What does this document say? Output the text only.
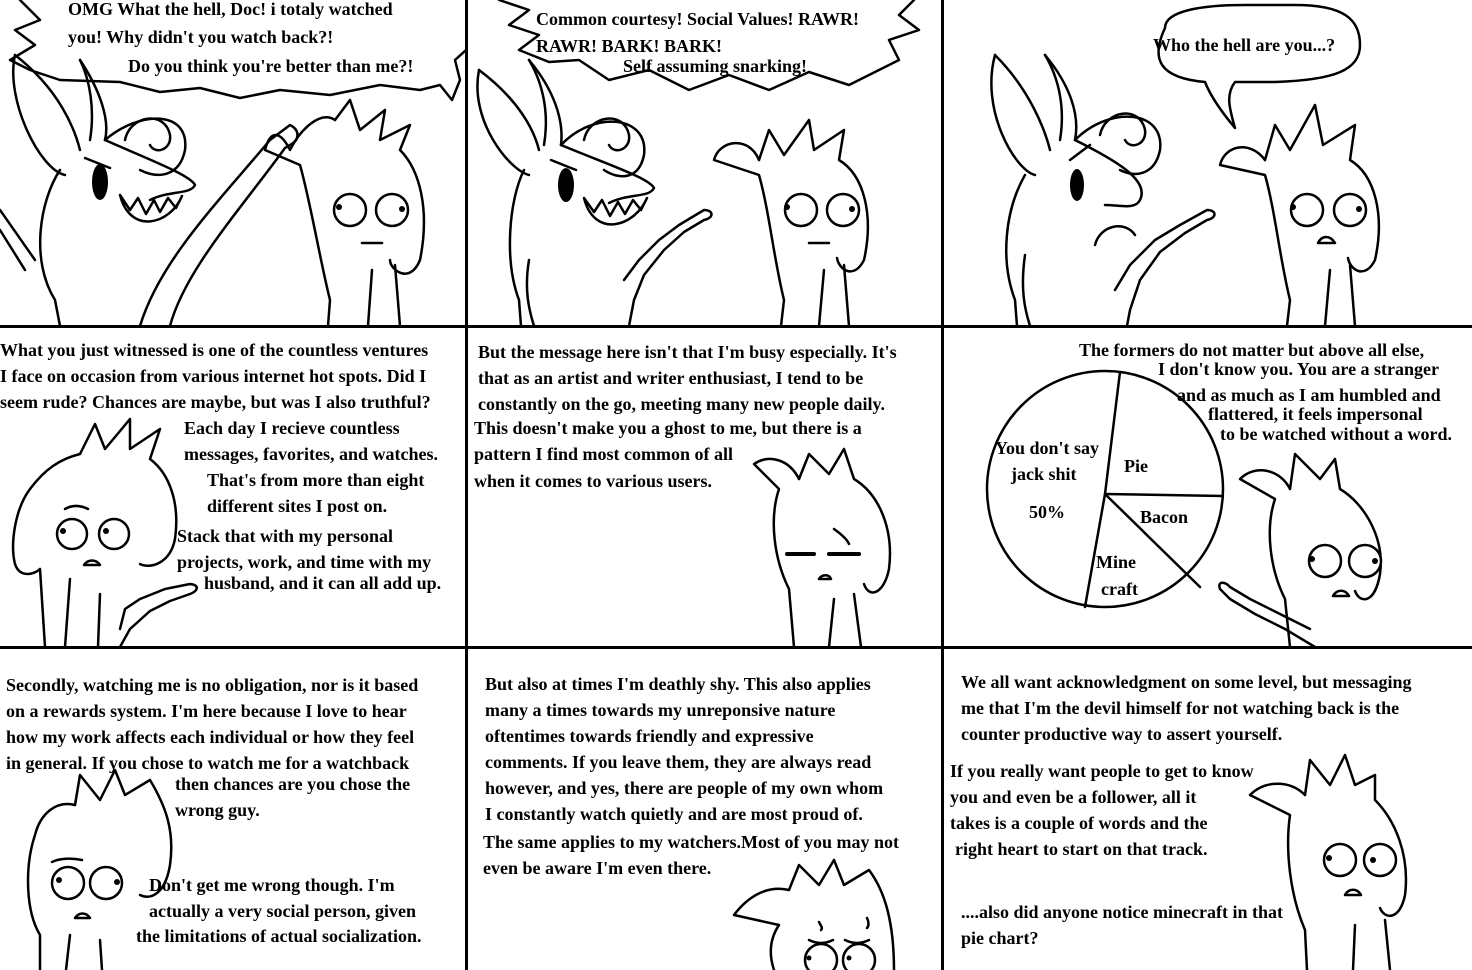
OMG What the hell, Doc! i totaly watched
you! Why didn't you watch back?!
Do you think you're better than me?!
Common courtesy! Social Values! RAWR!
RAWR! BARK! BARK!
Self assuming snarking!
Who the hell are you...?
What you just witnessed is one of the countless ventures
I face on occasion from various internet hot spots. Did I
seem rude? Chances are maybe, but was I also truthful?
Each day I recieve countless
messages, favorites, and watches.
That's from more than eight
different sites I post on.
Stack that with my personal
projects, work, and time with my
husband, and it can all add up.
But the message here isn't that I'm busy especially. It's
that as an artist and writer enthusiast, I tend to be
constantly on the go, meeting many new people daily.
This doesn't make you a ghost to me, but there is a
pattern I find most common of all
when it comes to various users.
The formers do not matter but above all else,
I don't know you. You are a stranger
and as much as I am humbled and
flattered, it feels impersonal
to be watched without a word.
You don't say
jack shit
50%
Pie
Bacon
Mine
craft
Secondly, watching me is no obligation, nor is it based
on a rewards system. I'm here because I love to hear
how my work affects each individual or how they feel
in general. If you chose to watch me for a watchback
then chances are you chose the
wrong guy.
Don't get me wrong though. I'm
actually a very social person, given
the limitations of actual socialization.
But also at times I'm deathly shy. This also applies
many a times towards my unreponsive nature
oftentimes towards friendly and expressive
comments. If you leave them, they are always read
however, and yes, there are people of my own whom
I constantly watch quietly and are most proud of.
The same applies to my watchers.Most of you may not
even be aware I'm even there.
We all want acknowledgment on some level, but messaging
me that I'm the devil himself for not watching back is the
counter productive way to assert yourself.
If you really want people to get to know
you and even be a follower, all it
takes is a couple of words and the
right heart to start on that track.
....also did anyone notice minecraft in that
pie chart?
